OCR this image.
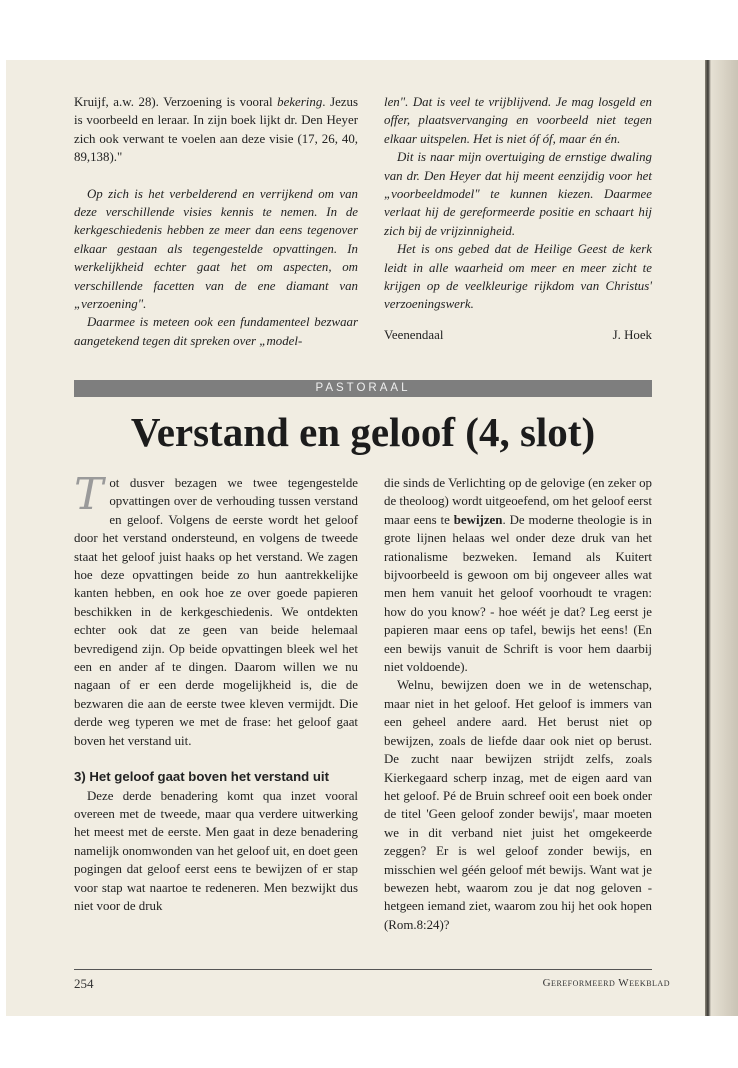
Kruijf, a.w. 28). Verzoening is vooral bekering. Jezus is voorbeeld en leraar. In zijn boek lijkt dr. Den Heyer zich ook verwant te voelen aan deze visie (17, 26, 40, 89,138)."

Op zich is het verbelderend en verrijkend om van deze verschillende visies kennis te nemen. In de kerkgeschiedenis hebben ze meer dan eens tegenover elkaar gestaan als tegengestelde opvattingen. In werkelijkheid echter gaat het om aspecten, om verschillende facetten van de ene diamant van „verzoening".

Daarmee is meteen ook een fundamenteel bezwaar aangetekend tegen dit spreken over „model-

len". Dat is veel te vrijblijvend. Je mag losgeld en offer, plaatsvervanging en voorbeeld niet tegen elkaar uitspelen. Het is niet óf óf, maar én én.

Dit is naar mijn overtuiging de ernstige dwaling van dr. Den Heyer dat hij meent eenzijdig voor het „voorbeeldmodel" te kunnen kiezen. Daarmee verlaat hij de gereformeerde positie en schaart hij zich bij de vrijzinnigheid.

Het is ons gebed dat de Heilige Geest de kerk leidt in alle waarheid om meer en meer zicht te krijgen op de veelkleurige rijkdom van Christus' verzoeningswerk.

Veenendaal	J. Hoek

PASTORAAL
Verstand en geloof (4, slot)

Tot dusver bezagen we twee tegengestelde opvattingen over de verhouding tussen verstand en geloof. Volgens de eerste wordt het geloof door het verstand ondersteund, en volgens de tweede staat het geloof juist haaks op het verstand. We zagen hoe deze opvattingen beide zo hun aantrekkelijke kanten hebben, en ook hoe ze over goede papieren beschikken in de kerkgeschiedenis. We ontdekten echter ook dat ze geen van beide helemaal bevredigend zijn. Op beide opvattingen bleek wel het een en ander af te dingen. Daarom willen we nu nagaan of er een derde mogelijkheid is, die de bezwaren die aan de eerste twee kleven vermijdt. Die derde weg typeren we met de frase: het geloof gaat boven het verstand uit.

3) Het geloof gaat boven het verstand uit

Deze derde benadering komt qua inzet vooral overeen met de tweede, maar qua verdere uitwerking het meest met de eerste. Men gaat in deze benadering namelijk onomwonden van het geloof uit, en doet geen pogingen dat geloof eerst eens te bewijzen of er stap voor stap wat naartoe te redeneren. Men bezwijkt dus niet voor de druk

die sinds de Verlichting op de gelovige (en zeker op de theoloog) wordt uitgeoefend, om het geloof eerst maar eens te bewijzen. De moderne theologie is in grote lijnen helaas wel onder deze druk van het rationalisme bezweken. Iemand als Kuitert bijvoorbeeld is gewoon om bij ongeveer alles wat men hem vanuit het geloof voorhoudt te vragen: how do you know? - hoe wéét je dat? Leg eerst je papieren maar eens op tafel, bewijs het eens! (En een bewijs vanuit de Schrift is voor hem daarbij niet voldoende).

Welnu, bewijzen doen we in de wetenschap, maar niet in het geloof. Het geloof is immers van een geheel andere aard. Het berust niet op bewijzen, zoals de liefde daar ook niet op berust. De zucht naar bewijzen strijdt zelfs, zoals Kierkegaard scherp inzag, met de eigen aard van het geloof. Pé de Bruin schreef ooit een boek onder de titel 'Geen geloof zonder bewijs', maar moeten we in dit verband niet juist het omgekeerde zeggen? Er is wel geloof zonder bewijs, en misschien wel géén geloof mét bewijs. Want wat je bewezen hebt, waarom zou je dat nog geloven - hetgeen iemand ziet, waarom zou hij het ook hopen (Rom.8:24)?

254	Gereformeerd Weekblad
